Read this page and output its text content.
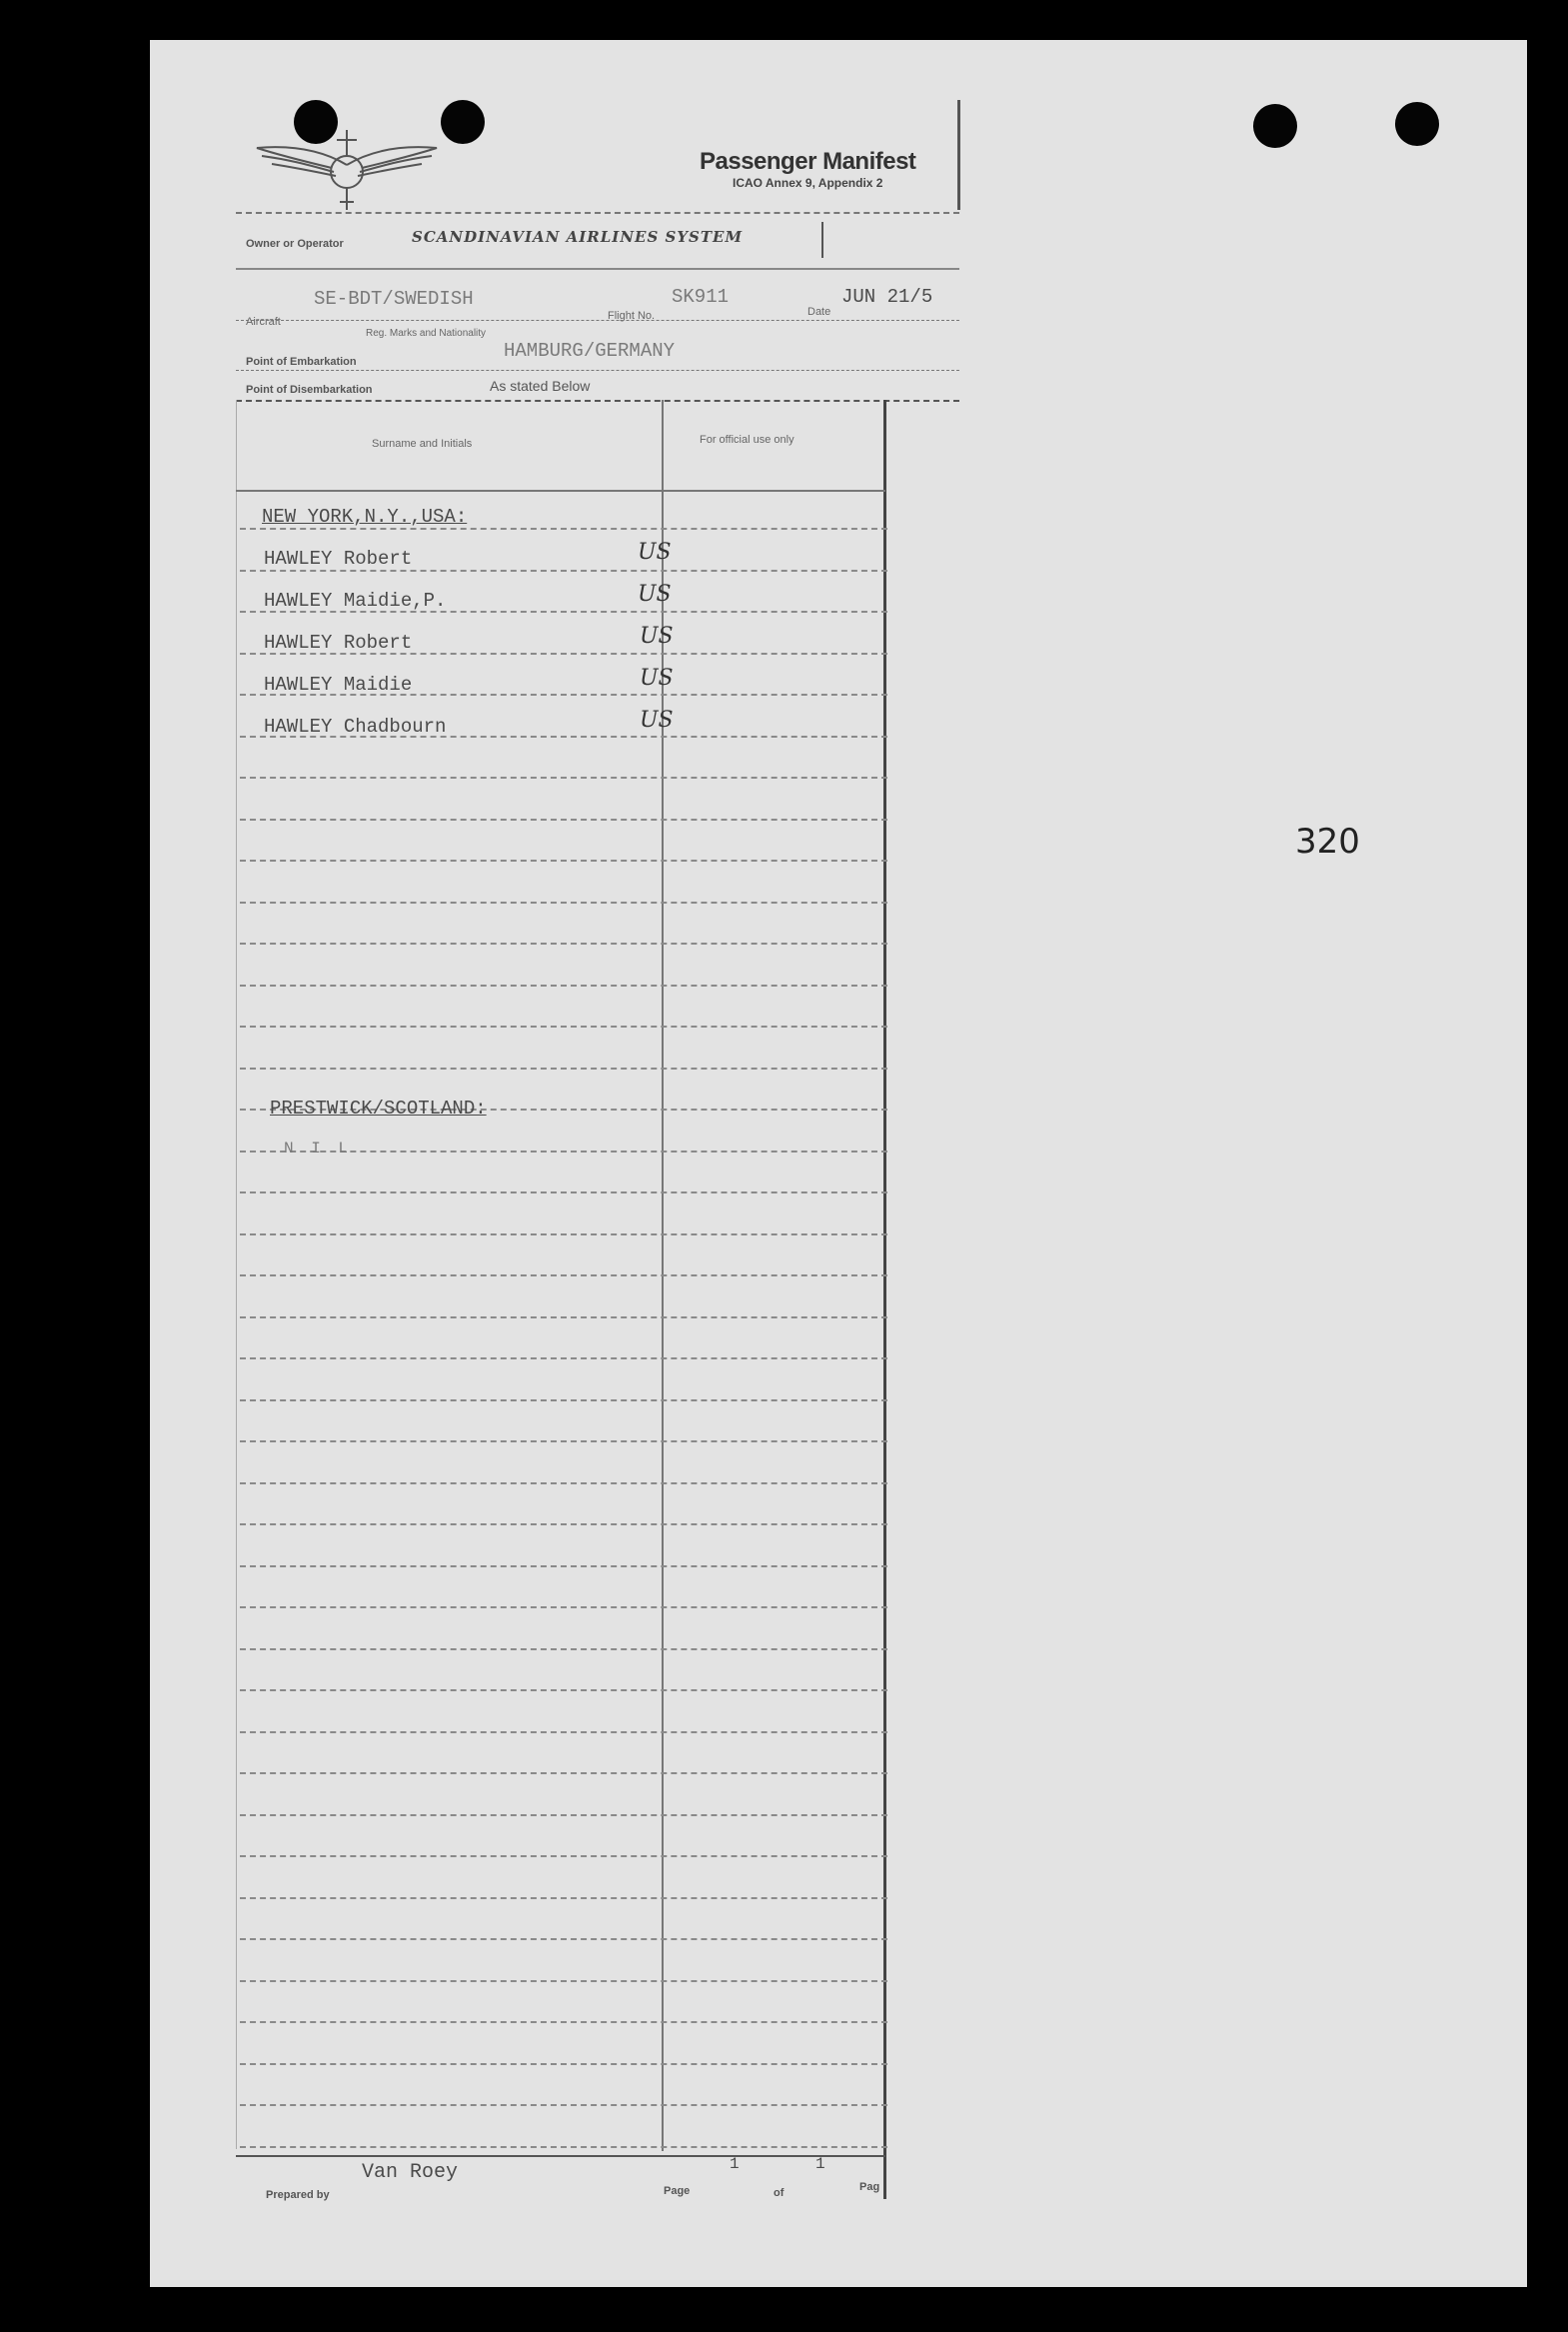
Passenger Manifest
ICAO Annex 9, Appendix 2
Owner or Operator	SCANDINAVIAN AIRLINES SYSTEM
SE-BDT/SWEDISH
Aircraft
Reg. Marks and Nationality
SK911
Flight No.
JUN 21/5
Date
HAMBURG/GERMANY
Point of Embarkation
Point of Disembarkation	As stated Below
Surname and Initials	For official use only
NEW YORK,N.Y.,USA:
HAWLEY Robert	US
HAWLEY Maidie,P.	US
HAWLEY Robert	US
HAWLEY Maidie	US
HAWLEY Chadbourn	US
PRESTWICK/SCOTLAND:
N I L
Van Roey
Prepared by
1
Page
1
of	Pag
320
